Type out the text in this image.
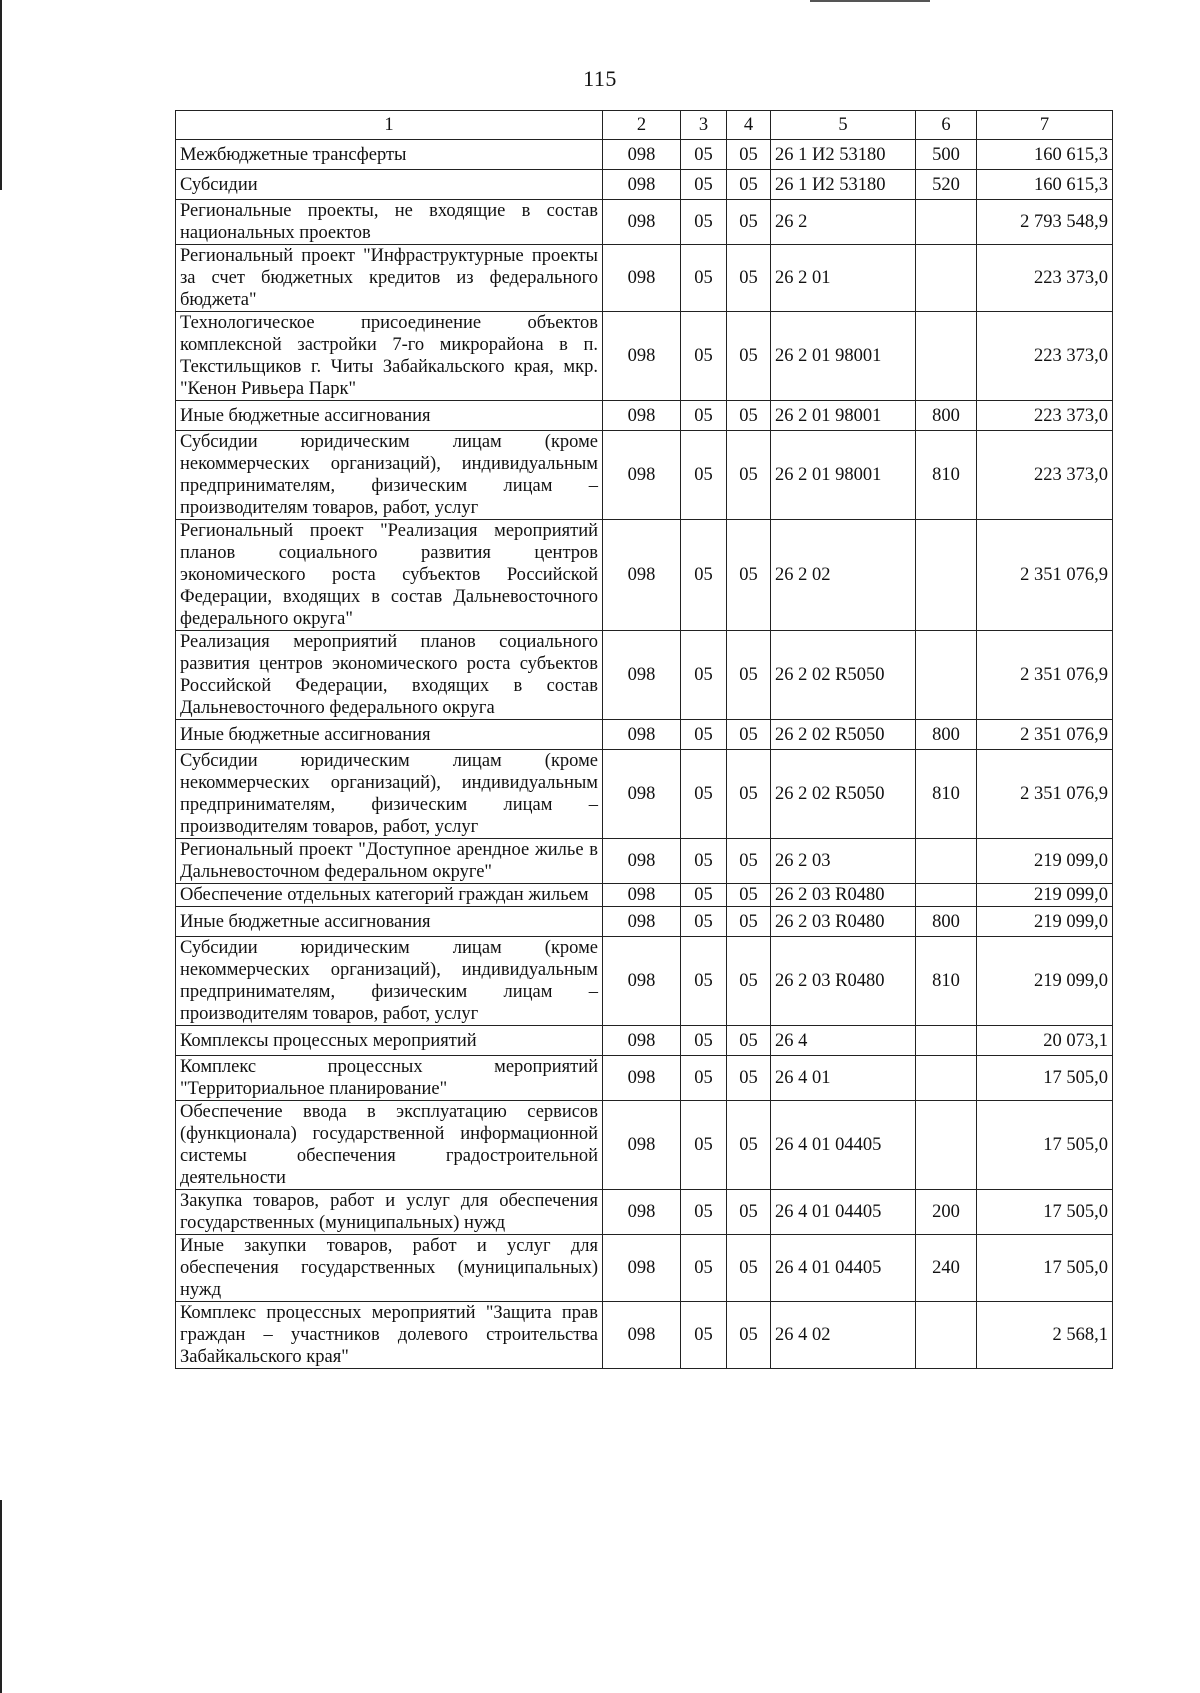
115
1	2	3	4	5	6	7
Межбюджетные трансферты	098	05	05	26 1 И2 53180	500	160 615,3
Субсидии	098	05	05	26 1 И2 53180	520	160 615,3
Региональные проекты, не входящие в состав национальных проектов	098	05	05	26 2		2 793 548,9
Региональный проект "Инфраструктурные проекты за счет бюджетных кредитов из федерального бюджета"	098	05	05	26 2 01		223 373,0
Технологическое присоединение объектов комплексной застройки 7-го микрорайона в п. Текстильщиков г. Читы Забайкальского края, мкр. "Кенон Ривьера Парк"	098	05	05	26 2 01 98001		223 373,0
Иные бюджетные ассигнования	098	05	05	26 2 01 98001	800	223 373,0
Субсидии юридическим лицам (кроме некоммерческих организаций), индивидуальным предпринимателям, физическим лицам – производителям товаров, работ, услуг	098	05	05	26 2 01 98001	810	223 373,0
Региональный проект "Реализация мероприятий планов социального развития центров экономического роста субъектов Российской Федерации, входящих в состав Дальневосточного федерального округа"	098	05	05	26 2 02		2 351 076,9
Реализация мероприятий планов социального развития центров экономического роста субъектов Российской Федерации, входящих в состав Дальневосточного федерального округа	098	05	05	26 2 02 R5050		2 351 076,9
Иные бюджетные ассигнования	098	05	05	26 2 02 R5050	800	2 351 076,9
Субсидии юридическим лицам (кроме некоммерческих организаций), индивидуальным предпринимателям, физическим лицам – производителям товаров, работ, услуг	098	05	05	26 2 02 R5050	810	2 351 076,9
Региональный проект "Доступное арендное жилье в Дальневосточном федеральном округе"	098	05	05	26 2 03		219 099,0
Обеспечение отдельных категорий граждан жильем	098	05	05	26 2 03 R0480		219 099,0
Иные бюджетные ассигнования	098	05	05	26 2 03 R0480	800	219 099,0
Субсидии юридическим лицам (кроме некоммерческих организаций), индивидуальным предпринимателям, физическим лицам – производителям товаров, работ, услуг	098	05	05	26 2 03 R0480	810	219 099,0
Комплексы процессных мероприятий	098	05	05	26 4		20 073,1
Комплекс процессных мероприятий "Территориальное планирование"	098	05	05	26 4 01		17 505,0
Обеспечение ввода в эксплуатацию сервисов (функционала) государственной информационной системы обеспечения градостроительной деятельности	098	05	05	26 4 01 04405		17 505,0
Закупка товаров, работ и услуг для обеспечения государственных (муниципальных) нужд	098	05	05	26 4 01 04405	200	17 505,0
Иные закупки товаров, работ и услуг для обеспечения государственных (муниципальных) нужд	098	05	05	26 4 01 04405	240	17 505,0
Комплекс процессных мероприятий "Защита прав граждан – участников долевого строительства Забайкальского края"	098	05	05	26 4 02		2 568,1
